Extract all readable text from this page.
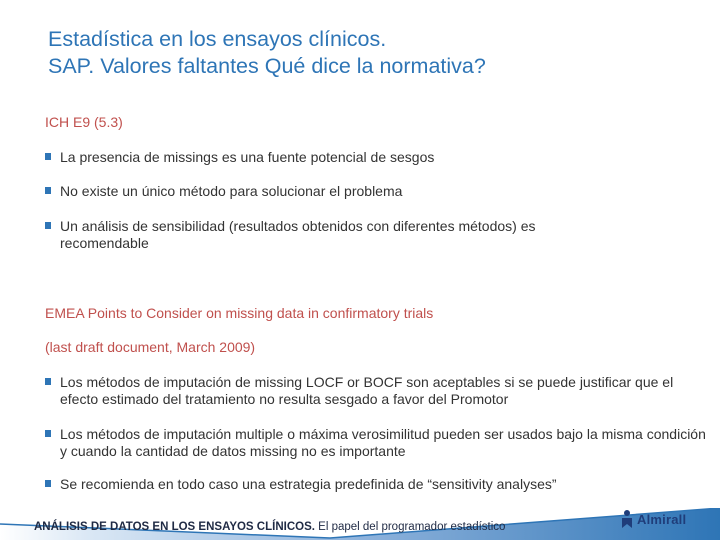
Estadística en los ensayos clínicos.
SAP. Valores faltantes Qué dice la normativa?
ICH E9 (5.3)
La presencia de missings es una fuente potencial de sesgos
No existe un único método para solucionar el problema
Un análisis de sensibilidad (resultados obtenidos con diferentes métodos) es recomendable
EMEA Points to Consider on missing data in confirmatory trials
(last draft document, March 2009)
Los métodos de imputación de missing LOCF or BOCF son aceptables si se puede justificar que el efecto estimado del tratamiento no resulta sesgado a favor del Promotor
Los métodos de imputación multiple o máxima verosimilitud pueden ser usados bajo la misma condición y cuando la cantidad de datos missing no es importante
Se recomienda en todo caso una estrategia predefinida de “sensitivity analyses”
ANÁLISIS DE DATOS EN LOS ENSAYOS CLÍNICOS. El papel del programador estadístico
Almirall
